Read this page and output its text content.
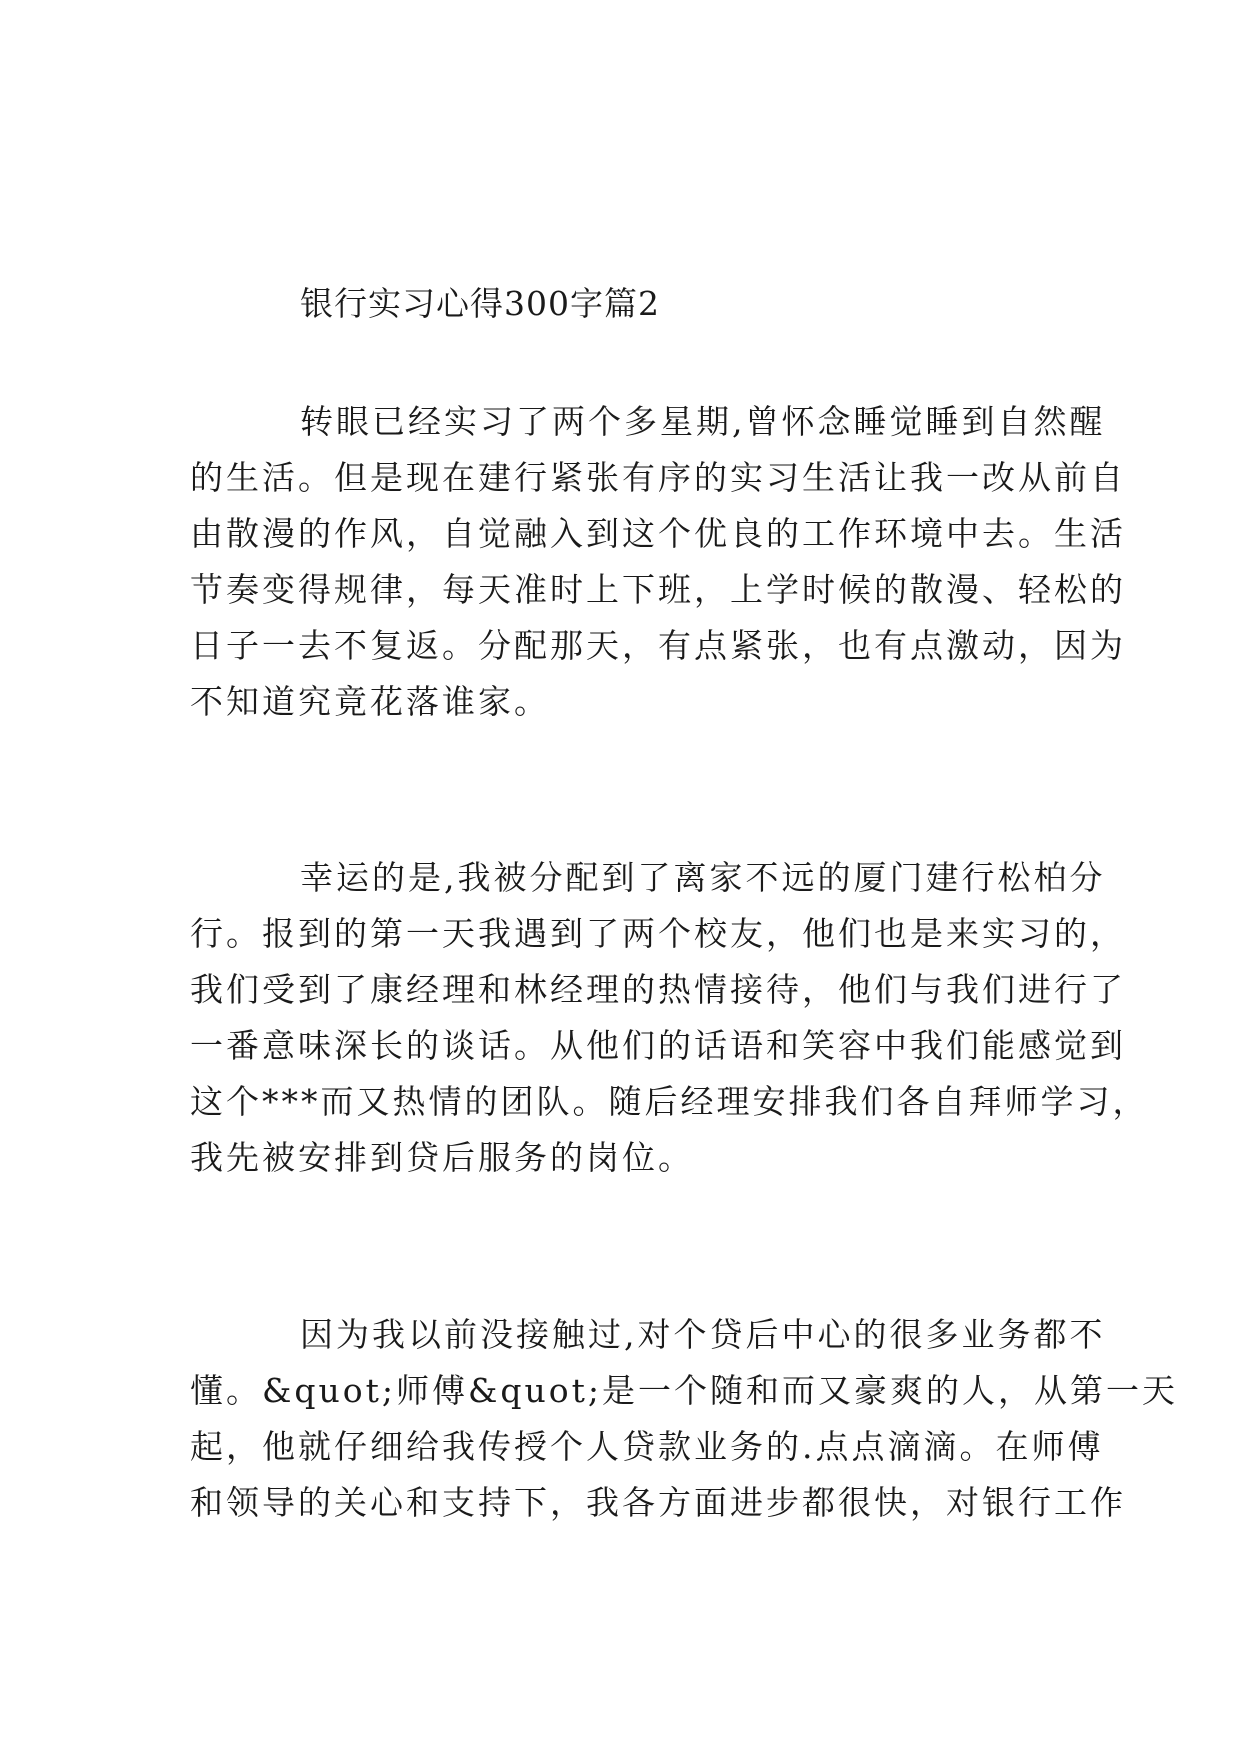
银行实习心得300字篇2
转眼已经实习了两个多星期,曾怀念睡觉睡到自然醒
的生活。但是现在建行紧张有序的实习生活让我一改从前自
由散漫的作风，自觉融入到这个优良的工作环境中去。生活
节奏变得规律，每天准时上下班，上学时候的散漫、轻松的
日子一去不复返。分配那天，有点紧张，也有点激动，因为
不知道究竟花落谁家。
幸运的是,我被分配到了离家不远的厦门建行松柏分
行。报到的第一天我遇到了两个校友，他们也是来实习的，
我们受到了康经理和林经理的热情接待，他们与我们进行了
一番意味深长的谈话。从他们的话语和笑容中我们能感觉到
这个***而又热情的团队。随后经理安排我们各自拜师学习，
我先被安排到贷后服务的岗位。
因为我以前没接触过,对个贷后中心的很多业务都不
懂。&quot;师傅&quot;是一个随和而又豪爽的人，从第一天
起，他就仔细给我传授个人贷款业务的.点点滴滴。在师傅
和领导的关心和支持下，我各方面进步都很快，对银行工作
